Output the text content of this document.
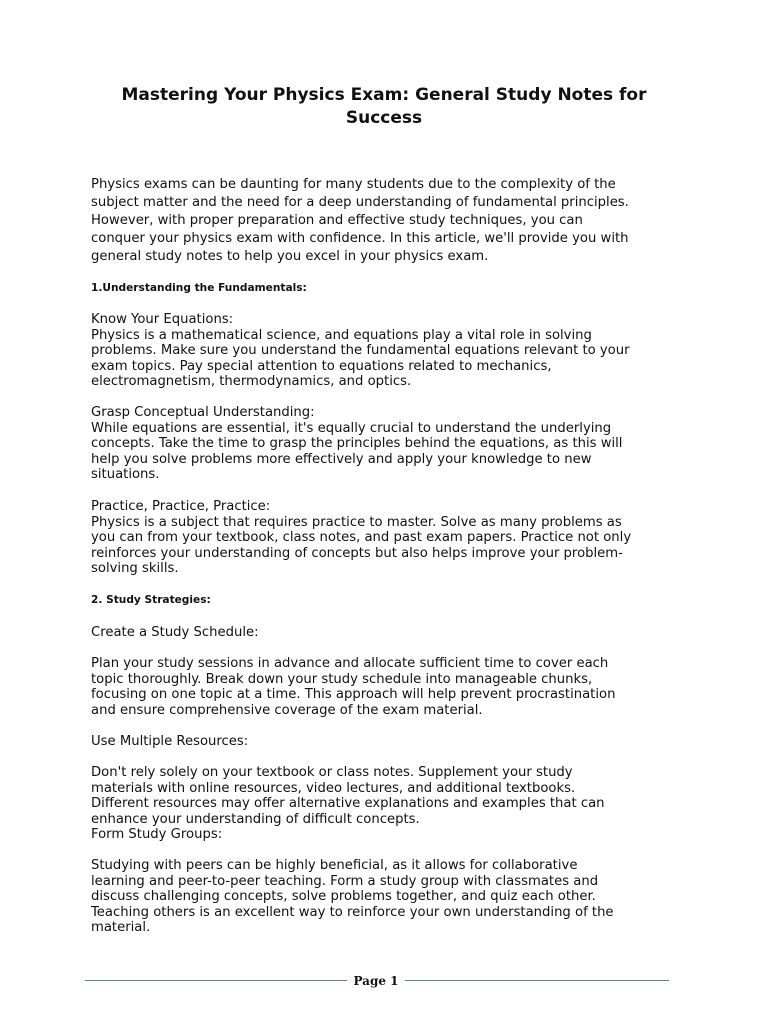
Mastering Your Physics Exam: General Study Notes for
Success

Physics exams can be daunting for many students due to the complexity of the
subject matter and the need for a deep understanding of fundamental principles.
However, with proper preparation and effective study techniques, you can
conquer your physics exam with confidence. In this article, we'll provide you with
general study notes to help you excel in your physics exam.

1.Understanding the Fundamentals:

Know Your Equations:
Physics is a mathematical science, and equations play a vital role in solving
problems. Make sure you understand the fundamental equations relevant to your
exam topics. Pay special attention to equations related to mechanics,
electromagnetism, thermodynamics, and optics.

Grasp Conceptual Understanding:
While equations are essential, it's equally crucial to understand the underlying
concepts. Take the time to grasp the principles behind the equations, as this will
help you solve problems more effectively and apply your knowledge to new
situations.

Practice, Practice, Practice:
Physics is a subject that requires practice to master. Solve as many problems as
you can from your textbook, class notes, and past exam papers. Practice not only
reinforces your understanding of concepts but also helps improve your problem-
solving skills.

2. Study Strategies:

Create a Study Schedule:

Plan your study sessions in advance and allocate sufficient time to cover each
topic thoroughly. Break down your study schedule into manageable chunks,
focusing on one topic at a time. This approach will help prevent procrastination
and ensure comprehensive coverage of the exam material.

Use Multiple Resources:

Don't rely solely on your textbook or class notes. Supplement your study
materials with online resources, video lectures, and additional textbooks.
Different resources may offer alternative explanations and examples that can
enhance your understanding of difficult concepts.
Form Study Groups:

Studying with peers can be highly beneficial, as it allows for collaborative
learning and peer-to-peer teaching. Form a study group with classmates and
discuss challenging concepts, solve problems together, and quiz each other.
Teaching others is an excellent way to reinforce your own understanding of the
material.

Page 1
